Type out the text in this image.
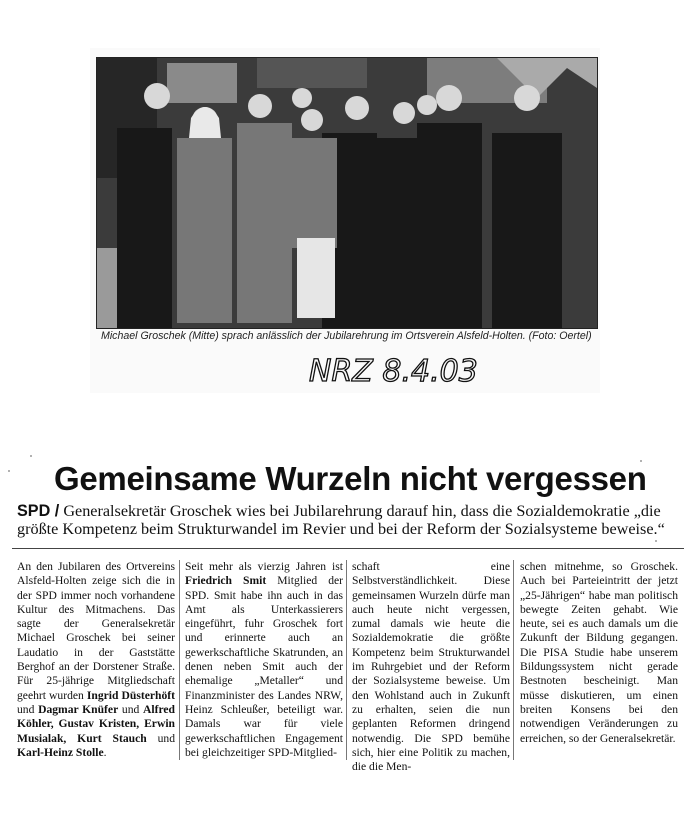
Michael Groschek (Mitte) sprach anlässlich der Jubilarehrung im Ortsverein Alsfeld-Holten. (Foto: Oertel)
NRZ 8.4.03
Gemeinsame Wurzeln nicht vergessen
SPD / Generalsekretär Groschek wies bei Jubilarehrung darauf hin, dass die Sozialdemokratie „die größte Kompetenz beim Strukturwandel im Revier und bei der Reform der Sozialsysteme beweise.“
An den Jubilaren des Ortvereins Alsfeld-Holten zeige sich die in der SPD immer noch vorhandene Kultur des Mitmachens. Das sagte der Generalsekretär Michael Groschek bei seiner Laudatio in der Gaststätte Berghof an der Dorstener Straße. Für 25-jährige Mitgliedschaft geehrt wurden Ingrid Düsterhöft und Dagmar Knüfer und Alfred Köhler, Gustav Kristen, Erwin Musialak, Kurt Stauch und Karl-Heinz Stolle.
Seit mehr als vierzig Jahren ist Friedrich Smit Mitglied der SPD. Smit habe ihn auch in das Amt als Unterkassierers eingeführt, fuhr Groschek fort und erinnerte auch an gewerkschaftliche Skatrunden, an denen neben Smit auch der ehemalige „Metaller“ und Finanzminister des Landes NRW, Heinz Schleußer, beteiligt war. Damals war für viele gewerkschaftlichen Engagement bei gleichzeitiger SPD-Mitglied-
schaft eine Selbstverständlichkeit. Diese gemeinsamen Wurzeln dürfe man auch heute nicht vergessen, zumal damals wie heute die Sozialdemokratie die größte Kompetenz beim Strukturwandel im Ruhrgebiet und der Reform der Sozialsysteme beweise. Um den Wohlstand auch in Zukunft zu erhalten, seien die nun geplanten Reformen dringend notwendig. Die SPD bemühe sich, hier eine Politik zu machen, die die Men-
schen mitnehme, so Groschek. Auch bei Parteieintritt der jetzt „25-Jährigen“ habe man politisch bewegte Zeiten gehabt. Wie heute, sei es auch damals um die Zukunft der Bildung gegangen. Die PISA Studie habe unserem Bildungssystem nicht gerade Bestnoten bescheinigt. Man müsse diskutieren, um einen breiten Konsens bei den notwendigen Veränderungen zu erreichen, so der Generalsekretär.
